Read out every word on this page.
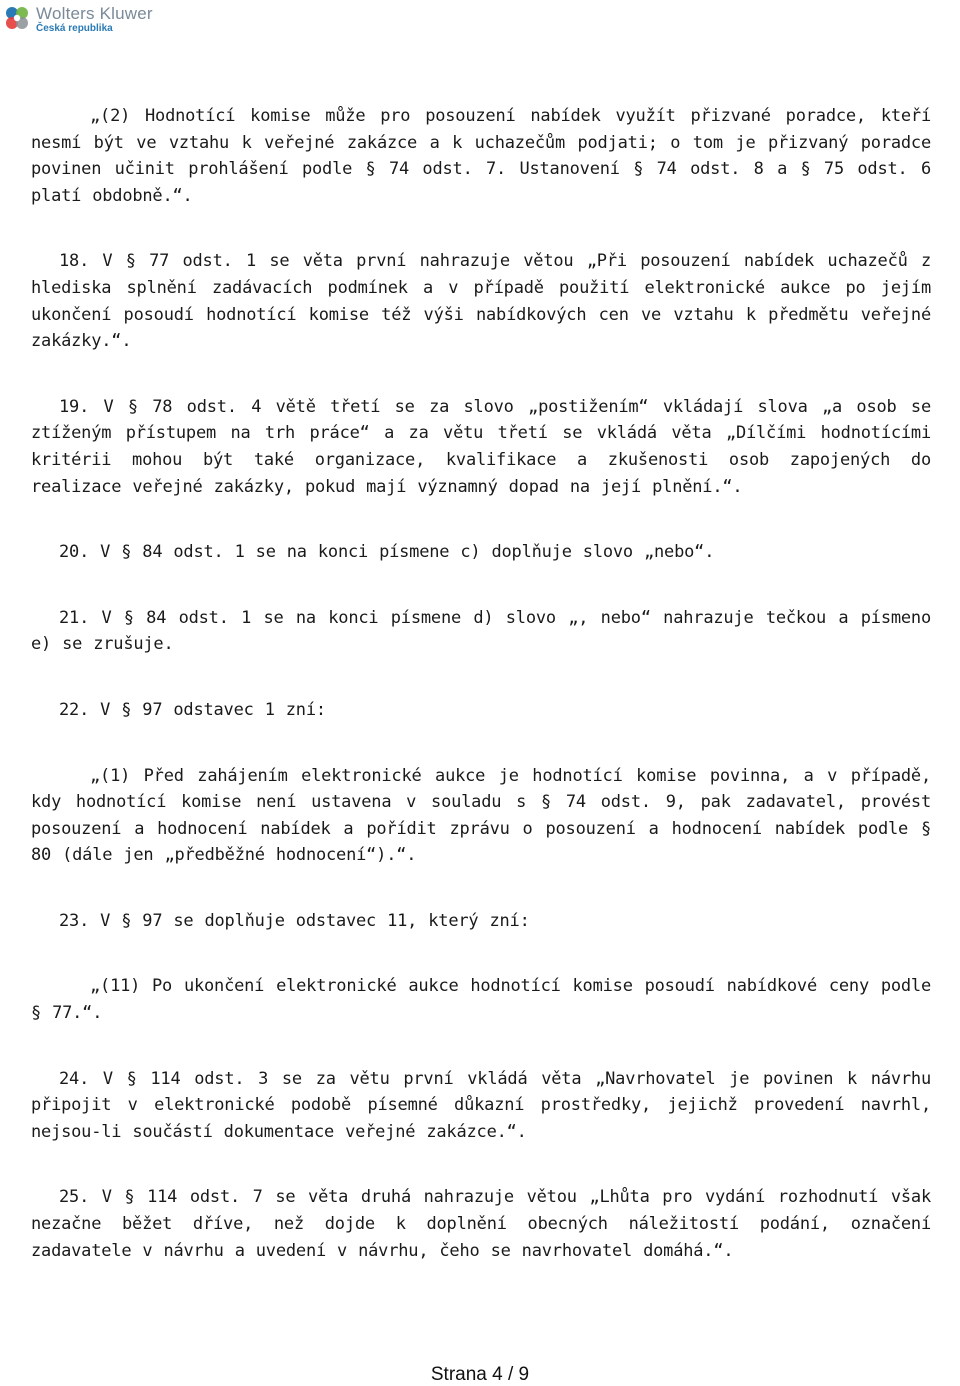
Wolters Kluwer
Česká republika

„(2) Hodnotící komise může pro posouzení nabídek využít přizvané poradce, kteří nesmí být ve vztahu k veřejné zakázce a k uchazečům podjati; o tom je přizvaný poradce povinen učinit prohlášení podle § 74 odst. 7. Ustanovení § 74 odst. 8 a § 75 odst. 6 platí obdobně.“.

18. V § 77 odst. 1 se věta první nahrazuje větou „Při posouzení nabídek uchazečů z hlediska splnění zadávacích podmínek a v případě použití elektronické aukce po jejím ukončení posoudí hodnotící komise též výši nabídkových cen ve vztahu k předmětu veřejné zakázky.“.

19. V § 78 odst. 4 větě třetí se za slovo „postižením“ vkládají slova „a osob se ztíženým přístupem na trh práce“ a za větu třetí se vkládá věta „Dílčími hodnotícími kritérii mohou být také organizace, kvalifikace a zkušenosti osob zapojených do realizace veřejné zakázky, pokud mají významný dopad na její plnění.“.

20. V § 84 odst. 1 se na konci písmene c) doplňuje slovo „nebo“.

21. V § 84 odst. 1 se na konci písmene d) slovo „, nebo“ nahrazuje tečkou a písmeno e) se zrušuje.

22. V § 97 odstavec 1 zní:

„(1) Před zahájením elektronické aukce je hodnotící komise povinna, a v případě, kdy hodnotící komise není ustavena v souladu s § 74 odst. 9, pak zadavatel, provést posouzení a hodnocení nabídek a pořídit zprávu o posouzení a hodnocení nabídek podle § 80 (dále jen „předběžné hodnocení“).“.

23. V § 97 se doplňuje odstavec 11, který zní:

„(11) Po ukončení elektronické aukce hodnotící komise posoudí nabídkové ceny podle § 77.“.

24. V § 114 odst. 3 se za větu první vkládá věta „Navrhovatel je povinen k návrhu připojit v elektronické podobě písemné důkazní prostředky, jejichž provedení navrhl, nejsou-li součástí dokumentace veřejné zakázce.“.

25. V § 114 odst. 7 se věta druhá nahrazuje větou „Lhůta pro vydání rozhodnutí však nezačne běžet dříve, než dojde k doplnění obecných náležitostí podání, označení zadavatele v návrhu a uvedení v návrhu, čeho se navrhovatel domáhá.“.

Strana 4 / 9
